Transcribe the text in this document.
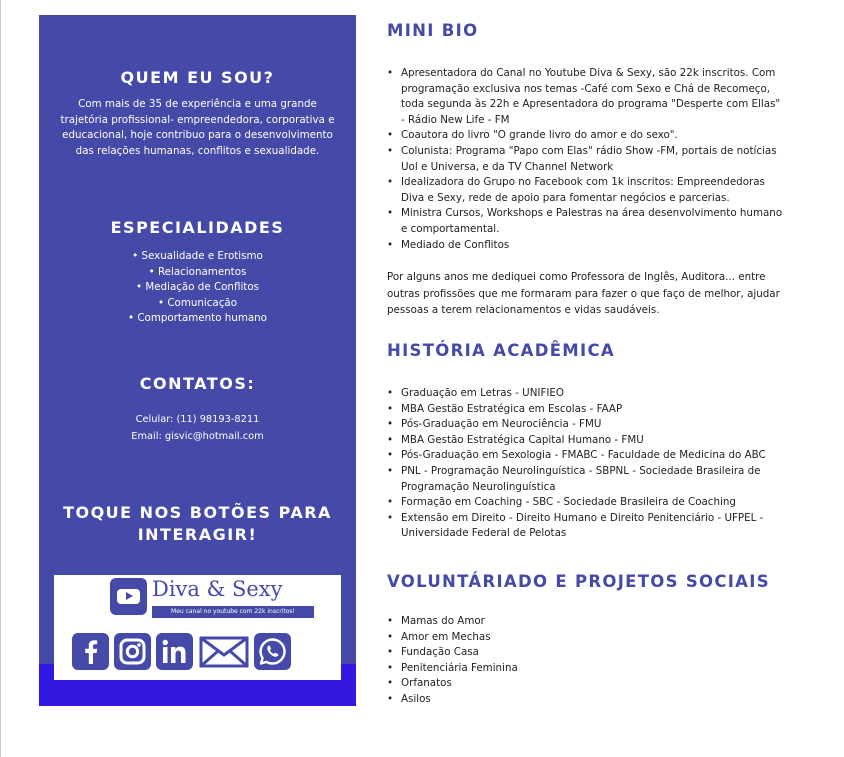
QUEM EU SOU?

Com mais de 35 de experiência e uma grande trajetória profissional- empreendedora, corporativa e educacional, hoje contribuo para o desenvolvimento das relações humanas, conflitos e sexualidade.

ESPECIALIDADES
• Sexualidade e Erotismo
• Relacionamentos
• Mediação de Conflitos
• Comunicação
• Comportamento humano
CONTATOS:
Celular: (11) 98193-8211
Email: gisvic@hotmail.com
TOQUE NOS BOTÕES PARA
INTERAGIR!

Diva & Sexy

Meu canal no youtube com 22k inscritos!

MINI BIO
• Apresentadora do Canal no Youtube Diva & Sexy, são 22k inscritos. Com
programação exclusiva nos temas -Café com Sexo e Chá de Recomeço,
toda segunda às 22h e Apresentadora do programa "Desperte com Ellas"
- Rádio New Life - FM
• Coautora do livro "O grande livro do amor e do sexo".
• Colunista: Programa "Papo com Elas" rádio Show -FM, portais de notícias
Uol e Universa, e da TV Channel Network
• Idealizadora do Grupo no Facebook com 1k inscritos: Empreendedoras
Diva e Sexy, rede de apoio para fomentar negócios e parcerias.
• Ministra Cursos, Workshops e Palestras na área desenvolvimento humano
e comportamental.
• Mediado de Conflitos

Por alguns anos me dediquei como Professora de Inglês, Auditora... entre
outras profissões que me formaram para fazer o que faço de melhor, ajudar
pessoas a terem relacionamentos e vidas saudáveis.

HISTÓRIA ACADÊMICA
• Graduação em Letras - UNIFIEO
• MBA Gestão Estratégica em Escolas - FAAP
• Pós-Graduação em Neurociência - FMU
• MBA Gestão Estratégica Capital Humano - FMU
• Pós-Graduação em Sexologia - FMABC - Faculdade de Medicina do ABC
• PNL - Programação Neurolinguística - SBPNL - Sociedade Brasileira de
Programação Neurolinguística
• Formação em Coaching - SBC - Sociedade Brasileira de Coaching
• Extensão em Direito - Direito Humano e Direito Penitenciário - UFPEL -
Universidade Federal de Pelotas
VOLUNTÁRIADO E PROJETOS SOCIAIS
• Mamas do Amor
• Amor em Mechas
• Fundação Casa
• Penitenciária Feminina
• Orfanatos
• Asilos
